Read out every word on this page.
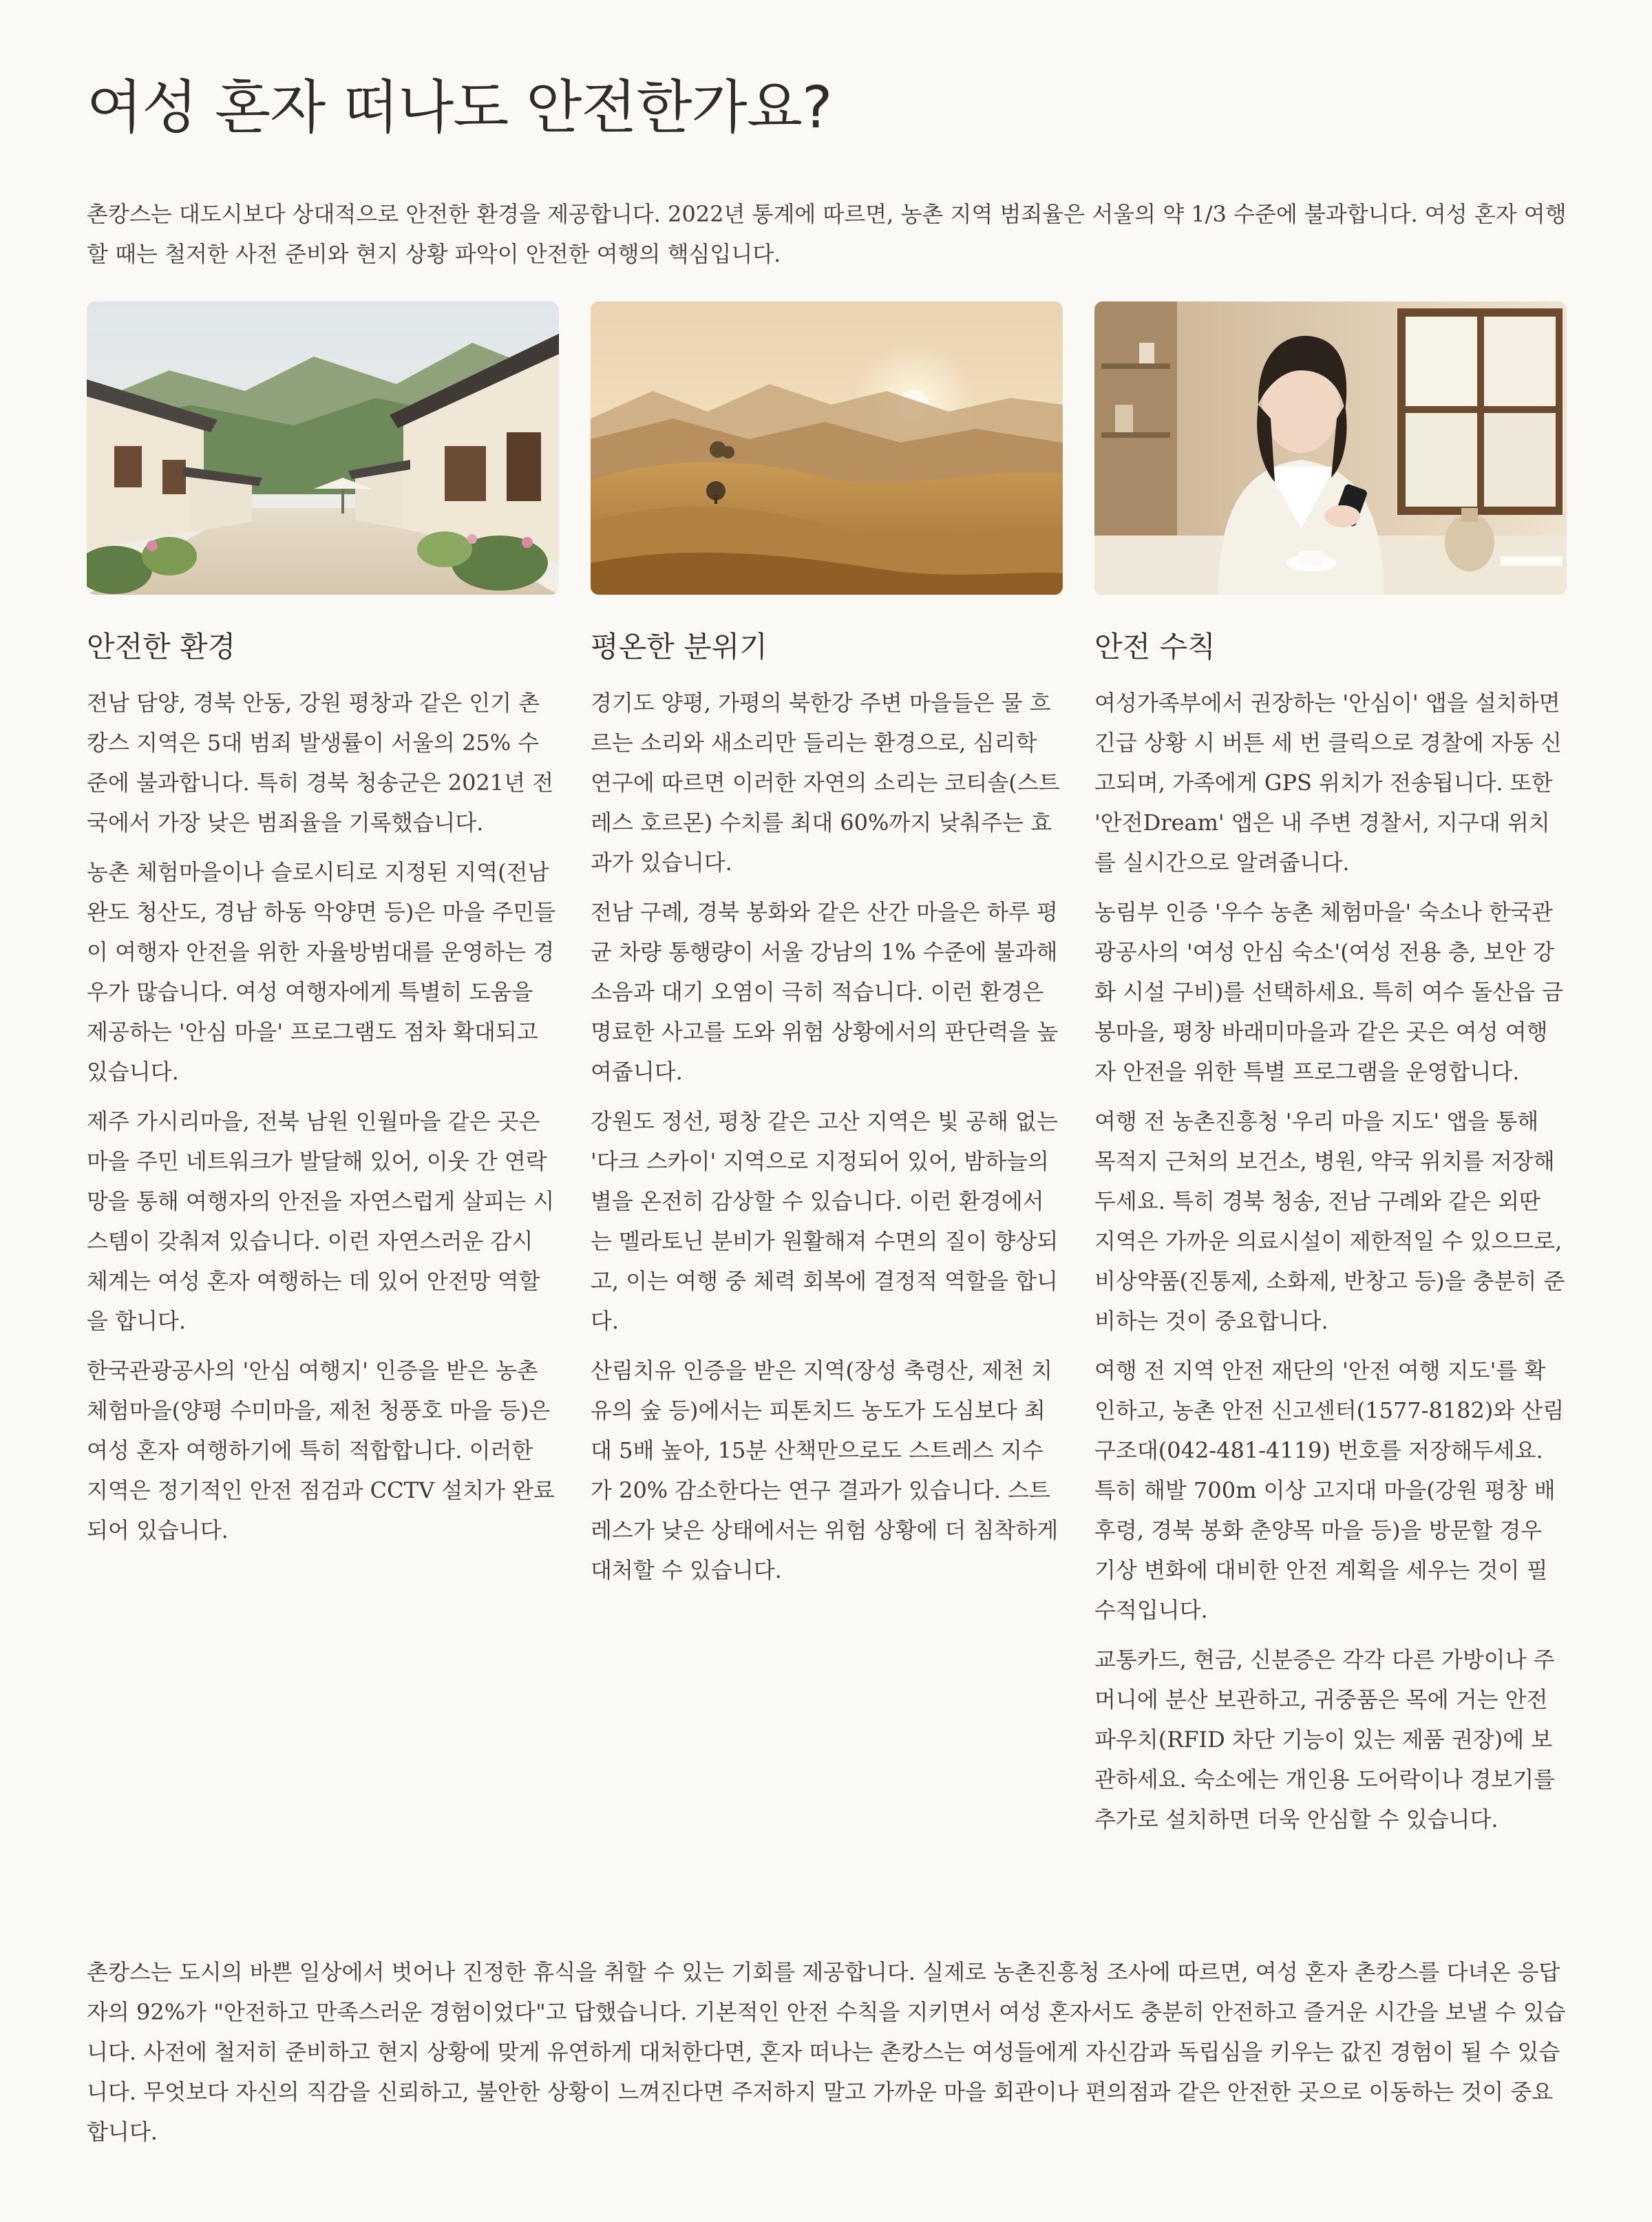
여성 혼자 떠나도 안전한가요?

촌캉스는 대도시보다 상대적으로 안전한 환경을 제공합니다. 2022년 통계에 따르면, 농촌 지역 범죄율은 서울의 약 1/3 수준에 불과합니다. 여성 혼자 여행할 때는 철저한 사전 준비와 현지 상황 파악이 안전한 여행의 핵심입니다.

안전한 환경

전남 담양, 경북 안동, 강원 평창과 같은 인기 촌캉스 지역은 5대 범죄 발생률이 서울의 25% 수준에 불과합니다. 특히 경북 청송군은 2021년 전국에서 가장 낮은 범죄율을 기록했습니다.

농촌 체험마을이나 슬로시티로 지정된 지역(전남 완도 청산도, 경남 하동 악양면 등)은 마을 주민들이 여행자 안전을 위한 자율방범대를 운영하는 경우가 많습니다. 여성 여행자에게 특별히 도움을 제공하는 '안심 마을' 프로그램도 점차 확대되고 있습니다.

제주 가시리마을, 전북 남원 인월마을 같은 곳은 마을 주민 네트워크가 발달해 있어, 이웃 간 연락망을 통해 여행자의 안전을 자연스럽게 살피는 시스템이 갖춰져 있습니다. 이런 자연스러운 감시 체계는 여성 혼자 여행하는 데 있어 안전망 역할을 합니다.

한국관광공사의 '안심 여행지' 인증을 받은 농촌 체험마을(양평 수미마을, 제천 청풍호 마을 등)은 여성 혼자 여행하기에 특히 적합합니다. 이러한 지역은 정기적인 안전 점검과 CCTV 설치가 완료되어 있습니다.

평온한 분위기

경기도 양평, 가평의 북한강 주변 마을들은 물 흐르는 소리와 새소리만 들리는 환경으로, 심리학 연구에 따르면 이러한 자연의 소리는 코티솔(스트레스 호르몬) 수치를 최대 60%까지 낮춰주는 효과가 있습니다.

전남 구례, 경북 봉화와 같은 산간 마을은 하루 평균 차량 통행량이 서울 강남의 1% 수준에 불과해 소음과 대기 오염이 극히 적습니다. 이런 환경은 명료한 사고를 도와 위험 상황에서의 판단력을 높여줍니다.

강원도 정선, 평창 같은 고산 지역은 빛 공해 없는 '다크 스카이' 지역으로 지정되어 있어, 밤하늘의 별을 온전히 감상할 수 있습니다. 이런 환경에서는 멜라토닌 분비가 원활해져 수면의 질이 향상되고, 이는 여행 중 체력 회복에 결정적 역할을 합니다.

산림치유 인증을 받은 지역(장성 축령산, 제천 치유의 숲 등)에서는 피톤치드 농도가 도심보다 최대 5배 높아, 15분 산책만으로도 스트레스 지수가 20% 감소한다는 연구 결과가 있습니다. 스트레스가 낮은 상태에서는 위험 상황에 더 침착하게 대처할 수 있습니다.

안전 수칙

여성가족부에서 권장하는 '안심이' 앱을 설치하면 긴급 상황 시 버튼 세 번 클릭으로 경찰에 자동 신고되며, 가족에게 GPS 위치가 전송됩니다. 또한 '안전Dream' 앱은 내 주변 경찰서, 지구대 위치를 실시간으로 알려줍니다.

농림부 인증 '우수 농촌 체험마을' 숙소나 한국관광공사의 '여성 안심 숙소'(여성 전용 층, 보안 강화 시설 구비)를 선택하세요. 특히 여수 돌산읍 금봉마을, 평창 바래미마을과 같은 곳은 여성 여행자 안전을 위한 특별 프로그램을 운영합니다.

여행 전 농촌진흥청 '우리 마을 지도' 앱을 통해 목적지 근처의 보건소, 병원, 약국 위치를 저장해두세요. 특히 경북 청송, 전남 구례와 같은 외딴 지역은 가까운 의료시설이 제한적일 수 있으므로, 비상약품(진통제, 소화제, 반창고 등)을 충분히 준비하는 것이 중요합니다.

여행 전 지역 안전 재단의 '안전 여행 지도'를 확인하고, 농촌 안전 신고센터(1577-8182)와 산림 구조대(042-481-4119) 번호를 저장해두세요. 특히 해발 700m 이상 고지대 마을(강원 평창 배후령, 경북 봉화 춘양목 마을 등)을 방문할 경우 기상 변화에 대비한 안전 계획을 세우는 것이 필수적입니다.

교통카드, 현금, 신분증은 각각 다른 가방이나 주머니에 분산 보관하고, 귀중품은 목에 거는 안전 파우치(RFID 차단 기능이 있는 제품 권장)에 보관하세요. 숙소에는 개인용 도어락이나 경보기를 추가로 설치하면 더욱 안심할 수 있습니다.

촌캉스는 도시의 바쁜 일상에서 벗어나 진정한 휴식을 취할 수 있는 기회를 제공합니다. 실제로 농촌진흥청 조사에 따르면, 여성 혼자 촌캉스를 다녀온 응답자의 92%가 "안전하고 만족스러운 경험이었다"고 답했습니다. 기본적인 안전 수칙을 지키면서 여성 혼자서도 충분히 안전하고 즐거운 시간을 보낼 수 있습니다. 사전에 철저히 준비하고 현지 상황에 맞게 유연하게 대처한다면, 혼자 떠나는 촌캉스는 여성들에게 자신감과 독립심을 키우는 값진 경험이 될 수 있습니다. 무엇보다 자신의 직감을 신뢰하고, 불안한 상황이 느껴진다면 주저하지 말고 가까운 마을 회관이나 편의점과 같은 안전한 곳으로 이동하는 것이 중요합니다.
